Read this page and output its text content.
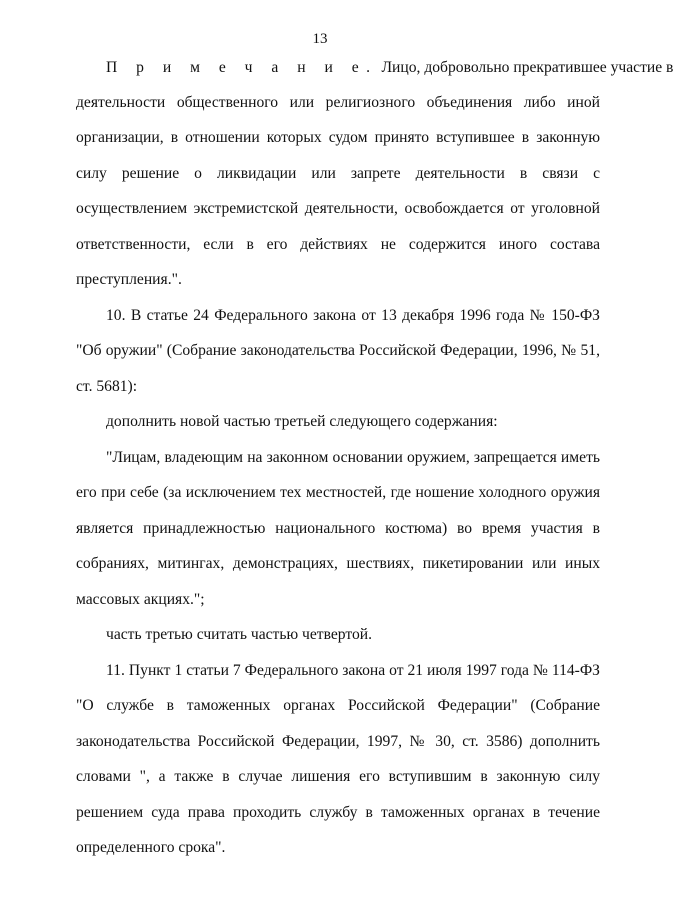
13
П р и м е ч а н и е. Лицо, добровольно прекратившее участие в
деятельности общественного или религиозного объединения либо иной
организации, в отношении которых судом принято вступившее в законную
силу решение о ликвидации или запрете деятельности в связи с
осуществлением экстремистской деятельности, освобождается от уголовной
ответственности, если в его действиях не содержится иного состава
преступления.".
10. В статье 24 Федерального закона от 13 декабря 1996 года № 150-ФЗ
"Об оружии" (Собрание законодательства Российской Федерации, 1996, № 51,
ст. 5681):
дополнить новой частью третьей следующего содержания:
"Лицам, владеющим на законном основании оружием, запрещается иметь
его при себе (за исключением тех местностей, где ношение холодного оружия
является принадлежностью национального костюма) во время участия в
собраниях, митингах, демонстрациях, шествиях, пикетировании или иных
массовых акциях.";
часть третью считать частью четвертой.
11. Пункт 1 статьи 7 Федерального закона от 21 июля 1997 года № 114-ФЗ
"О службе в таможенных органах Российской Федерации" (Собрание
законодательства Российской Федерации, 1997, № 30, ст. 3586) дополнить
словами ", а также в случае лишения его вступившим в законную силу
решением суда права проходить службу в таможенных органах в течение
определенного срока".
